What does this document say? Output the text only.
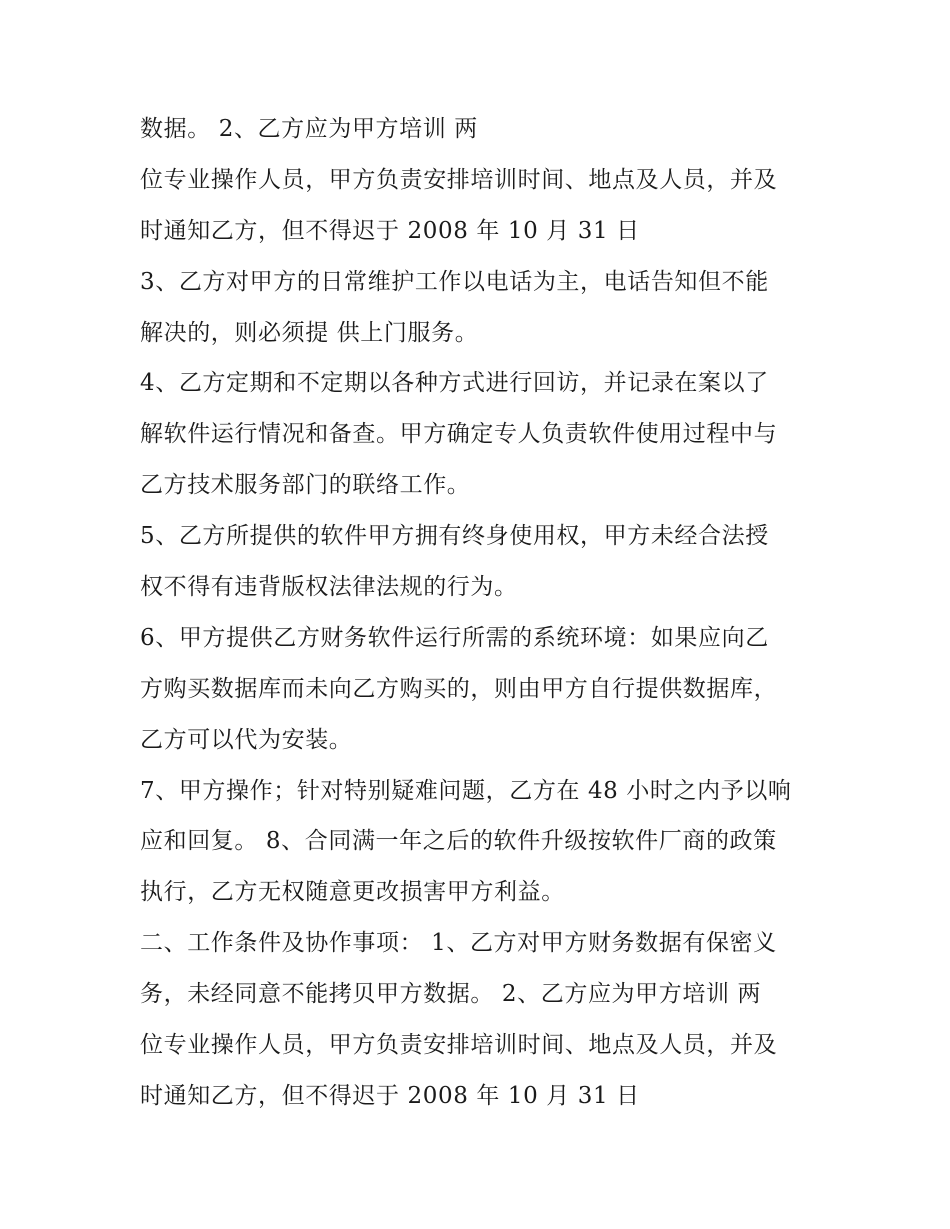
数据。 2、乙方应为甲方培训 两
位专业操作人员，甲方负责安排培训时间、地点及人员，并及
时通知乙方，但不得迟于 2008 年 10 月 31 日
3、乙方对甲方的日常维护工作以电话为主，电话告知但不能
解决的，则必须提 供上门服务。
4、乙方定期和不定期以各种方式进行回访，并记录在案以了
解软件运行情况和备查。甲方确定专人负责软件使用过程中与
乙方技术服务部门的联络工作。
5、乙方所提供的软件甲方拥有终身使用权，甲方未经合法授
权不得有违背版权法律法规的行为。
6、甲方提供乙方财务软件运行所需的系统环境：如果应向乙
方购买数据库而未向乙方购买的，则由甲方自行提供数据库，
乙方可以代为安装。
7、甲方操作；针对特别疑难问题，乙方在 48 小时之内予以响
应和回复。 8、合同满一年之后的软件升级按软件厂商的政策
执行，乙方无权随意更改损害甲方利益。
二、工作条件及协作事项： 1、乙方对甲方财务数据有保密义
务，未经同意不能拷贝甲方数据。 2、乙方应为甲方培训 两
位专业操作人员，甲方负责安排培训时间、地点及人员，并及
时通知乙方，但不得迟于 2008 年 10 月 31 日
